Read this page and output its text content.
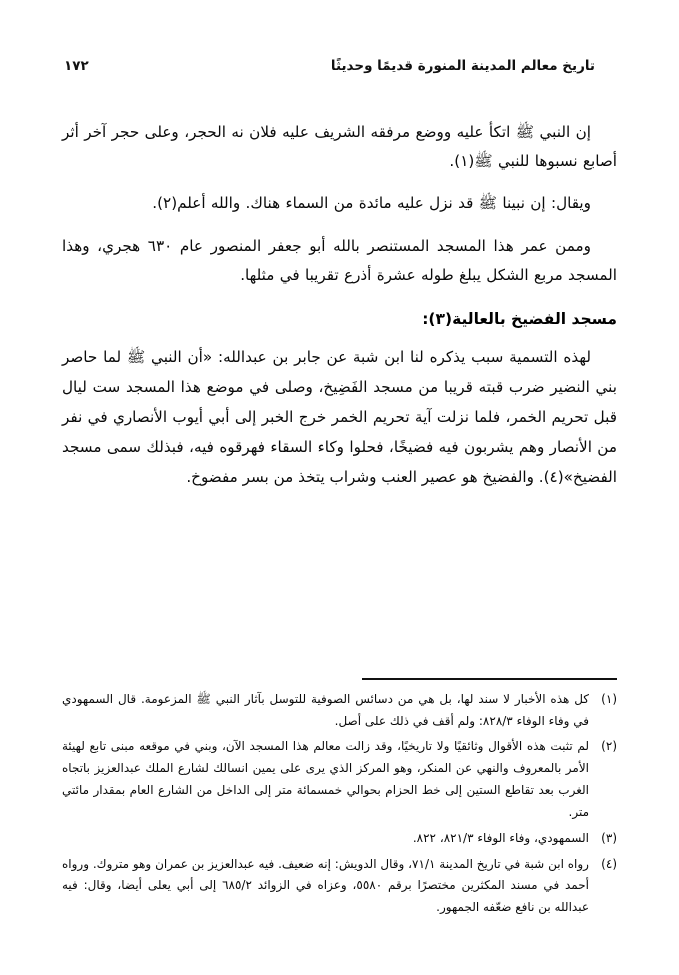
تاريخ معالم المدينة المنورة قديمًا وحديثًا
١٧٢

إن النبي ﷺ اتكأ عليه ووضع مرفقه الشريف عليه فلان نه الحجر، وعلى حجر آخر أثر أصابع نسبوها للنبي ﷺ(١).

ويقال: إن نبينا ﷺ قد نزل عليه مائدة من السماء هناك. والله أعلم(٢).

وممن عمر هذا المسجد المستنصر بالله أبو جعفر المنصور عام ٦٣٠ هجري، وهذا المسجد مربع الشكل يبلغ طوله عشرة أذرع تقريبا في مثلها.

مسجد الفضيخ بالعالية(٣):

لهذه التسمية سبب يذكره لنا ابن شبة عن جابر بن عبدالله: «أن النبي ﷺ لما حاصر بني النضير ضرب قبته قريبا من مسجد الفَضِيخ، وصلى في موضع هذا المسجد ست ليال قبل تحريم الخمر، فلما نزلت آية تحريم الخمر خرج الخبر إلى أبي أيوب الأنصاري في نفر من الأنصار وهم يشربون فيه فضيخًا، فحلوا وكاء السقاء فهرقوه فيه، فبذلك سمى مسجد الفضيخ»(٤). والفضيخ هو عصير العنب وشراب يتخذ من بسر مفضوخ.

(١)
كل هذه الأخبار لا سند لها، بل هي من دسائس الصوفية للتوسل بآثار النبي ﷺ المزعومة. قال السمهودي في وفاء الوفاء ٨٢٨/٣: ولم أقف في ذلك على أصل.
(٢)
لم تثبت هذه الأقوال وثائقيًا ولا تاريخيًا، وقد زالت معالم هذا المسجد الآن، وبني في موقعه مبنى تابع لهيئة الأمر بالمعروف والنهي عن المنكر، وهو المركز الذي يرى على يمين انسالك لشارع الملك عبدالعزيز باتجاه الغرب بعد تقاطع الستين إلى خط الحزام بحوالي خمسمائة متر إلى الداخل من الشارع العام بمقدار مائتي متر.
(٣)
السمهودي، وفاء الوفاء ٨٢١/٣، ٨٢٢.
(٤)
رواه ابن شبة في تاريخ المدينة ٧١/١، وقال الدويش: إنه ضعيف. فيه عبدالعزيز بن عمران وهو متروك. ورواه أحمد في مسند المكثرين مختصرًا برقم ٥٥٨٠، وعزاه في الزوائد ٦٨٥/٢ إلى أبي يعلى أيضا، وقال: فيه عبدالله بن نافع ضعّفه الجمهور.
